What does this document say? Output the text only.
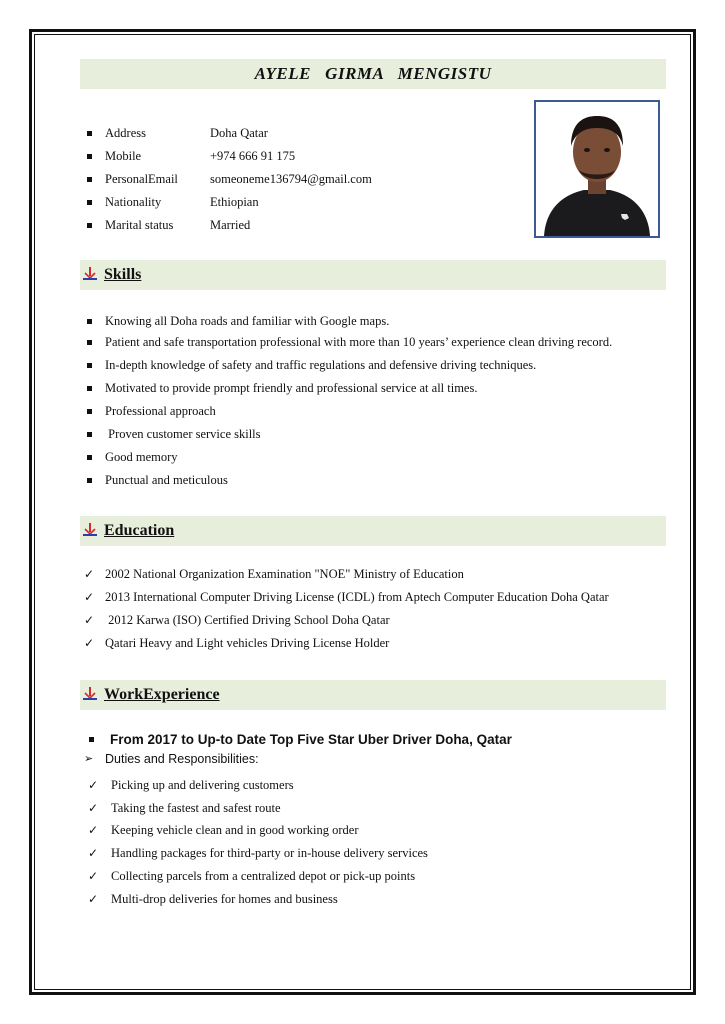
AYELE   GIRMA   MENGISTU
Address	Doha Qatar
Mobile	+974 666 91 175
PersonalEmail	someoneme136794@gmail.com
Nationality	Ethiopian
Marital status	Married
Skills
Knowing all Doha roads and familiar with Google maps.
Patient and safe transportation professional with more than 10 years’ experience clean driving record.
In-depth knowledge of safety and traffic regulations and defensive driving techniques.
Motivated to provide prompt friendly and professional service at all times.
Professional approach
Proven customer service skills
Good memory
Punctual and meticulous
Education
✓ 2002 National Organization Examination "NOE" Ministry of Education
✓ 2013 International Computer Driving License (ICDL) from Aptech Computer Education Doha Qatar
✓ 2012 Karwa (ISO) Certified Driving School Doha Qatar
✓ Qatari Heavy and Light vehicles Driving License Holder
WorkExperience
From 2017 to Up-to Date Top Five Star Uber Driver Doha, Qatar
➢ Duties and Responsibilities:
✓ Picking up and delivering customers
✓ Taking the fastest and safest route
✓ Keeping vehicle clean and in good working order
✓ Handling packages for third-party or in-house delivery services
✓ Collecting parcels from a centralized depot or pick-up points
✓ Multi-drop deliveries for homes and business
